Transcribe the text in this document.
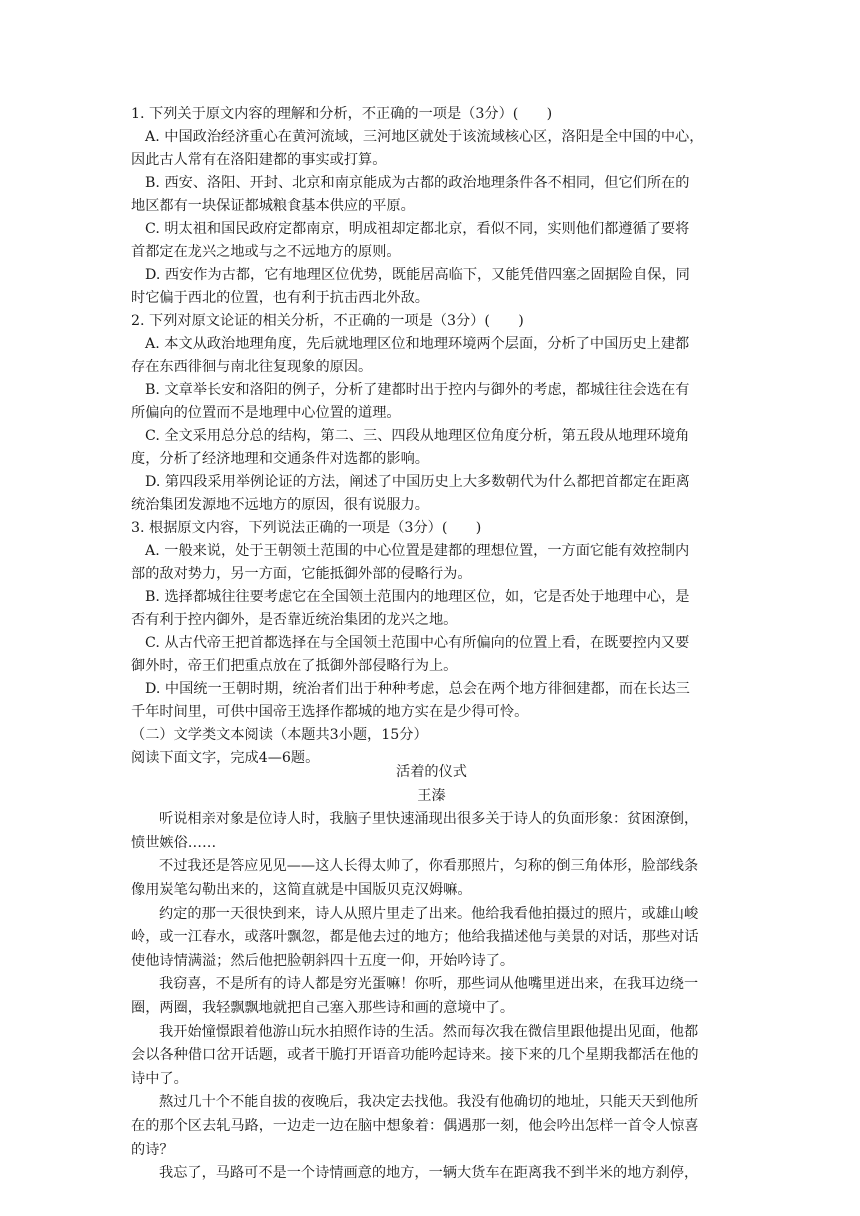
1. 下列关于原文内容的理解和分析，不正确的一项是（3分）(　　)
A. 中国政治经济重心在黄河流域，三河地区就处于该流域核心区，洛阳是全中国的中心，
因此古人常有在洛阳建都的事实或打算。
B. 西安、洛阳、开封、北京和南京能成为古都的政治地理条件各不相同，但它们所在的
地区都有一块保证都城粮食基本供应的平原。
C. 明太祖和国民政府定都南京，明成祖却定都北京，看似不同，实则他们都遵循了要将
首都定在龙兴之地或与之不远地方的原则。
D. 西安作为古都，它有地理区位优势，既能居高临下，又能凭借四塞之固据险自保，同
时它偏于西北的位置，也有利于抗击西北外敌。
2. 下列对原文论证的相关分析，不正确的一项是（3分）(　　)
A. 本文从政治地理角度，先后就地理区位和地理环境两个层面，分析了中国历史上建都
存在东西徘徊与南北往复现象的原因。
B. 文章举长安和洛阳的例子，分析了建都时出于控内与御外的考虑，都城往往会选在有
所偏向的位置而不是地理中心位置的道理。
C. 全文采用总分总的结构，第二、三、四段从地理区位角度分析，第五段从地理环境角
度，分析了经济地理和交通条件对选都的影响。
D. 第四段采用举例论证的方法，阐述了中国历史上大多数朝代为什么都把首都定在距离
统治集团发源地不远地方的原因，很有说服力。
3. 根据原文内容，下列说法正确的一项是（3分）(　　)
A. 一般来说，处于王朝领土范围的中心位置是建都的理想位置，一方面它能有效控制内
部的敌对势力，另一方面，它能抵御外部的侵略行为。
B. 选择都城往往要考虑它在全国领土范围内的地理区位，如，它是否处于地理中心，是
否有利于控内御外，是否靠近统治集团的龙兴之地。
C. 从古代帝王把首都选择在与全国领土范围中心有所偏向的位置上看，在既要控内又要
御外时，帝王们把重点放在了抵御外部侵略行为上。
D. 中国统一王朝时期，统治者们出于种种考虑，总会在两个地方徘徊建都，而在长达三
千年时间里，可供中国帝王选择作都城的地方实在是少得可怜。
（二）文学类文本阅读（本题共3小题，15分）
阅读下面文字，完成4—6题。
活着的仪式
王溱
听说相亲对象是位诗人时，我脑子里快速涌现出很多关于诗人的负面形象：贫困潦倒，
愤世嫉俗……
不过我还是答应见见——这人长得太帅了，你看那照片，匀称的倒三角体形，脸部线条
像用炭笔勾勒出来的，这简直就是中国版贝克汉姆嘛。
约定的那一天很快到来，诗人从照片里走了出来。他给我看他拍摄过的照片，或雄山峻
岭，或一江春水，或落叶飘忽，都是他去过的地方；他给我描述他与美景的对话，那些对话
使他诗情满溢；然后他把脸朝斜四十五度一仰，开始吟诗了。
我窃喜，不是所有的诗人都是穷光蛋嘛！你听，那些词从他嘴里迸出来，在我耳边绕一
圈，两圈，我轻飘飘地就把自己塞入那些诗和画的意境中了。
我开始憧憬跟着他游山玩水拍照作诗的生活。然而每次我在微信里跟他提出见面，他都
会以各种借口岔开话题，或者干脆打开语音功能吟起诗来。接下来的几个星期我都活在他的
诗中了。
熬过几十个不能自拔的夜晚后，我决定去找他。我没有他确切的地址，只能天天到他所
在的那个区去轧马路，一边走一边在脑中想象着：偶遇那一刻，他会吟出怎样一首令人惊喜
的诗？
我忘了，马路可不是一个诗情画意的地方，一辆大货车在距离我不到半米的地方刹停，
